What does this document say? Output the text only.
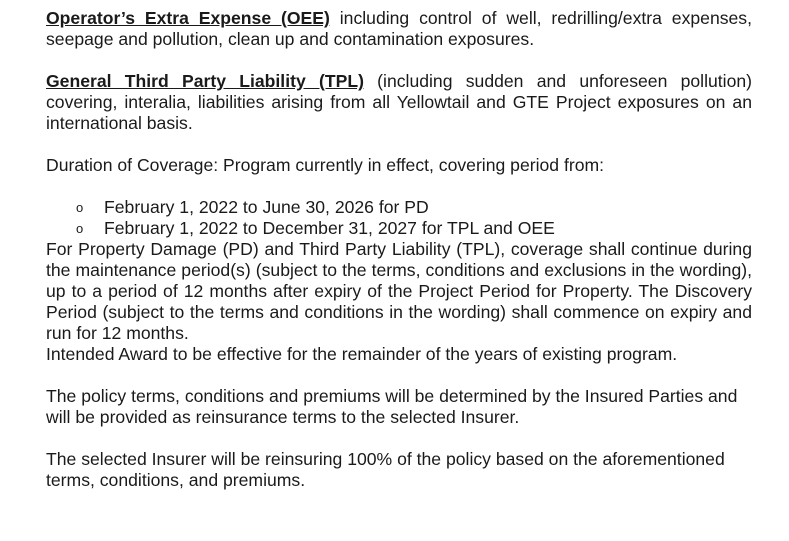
Operator’s Extra Expense (OEE) including control of well, redrilling/extra expenses, seepage and pollution, clean up and contamination exposures.

General Third Party Liability (TPL) (including sudden and unforeseen pollution) covering, interalia, liabilities arising from all Yellowtail and GTE Project exposures on an international basis.

Duration of Coverage: Program currently in effect, covering period from:

o February 1, 2022 to June 30, 2026 for PD
o February 1, 2022 to December 31, 2027 for TPL and OEE

For Property Damage (PD) and Third Party Liability (TPL), coverage shall continue during the maintenance period(s) (subject to the terms, conditions and exclusions in the wording), up to a period of 12 months after expiry of the Project Period for Property. The Discovery Period (subject to the terms and conditions in the wording) shall commence on expiry and run for 12 months.

Intended Award to be effective for the remainder of the years of existing program.

The policy terms, conditions and premiums will be determined by the Insured Parties and will be provided as reinsurance terms to the selected Insurer.

The selected Insurer will be reinsuring 100% of the policy based on the aforementioned terms, conditions, and premiums.
